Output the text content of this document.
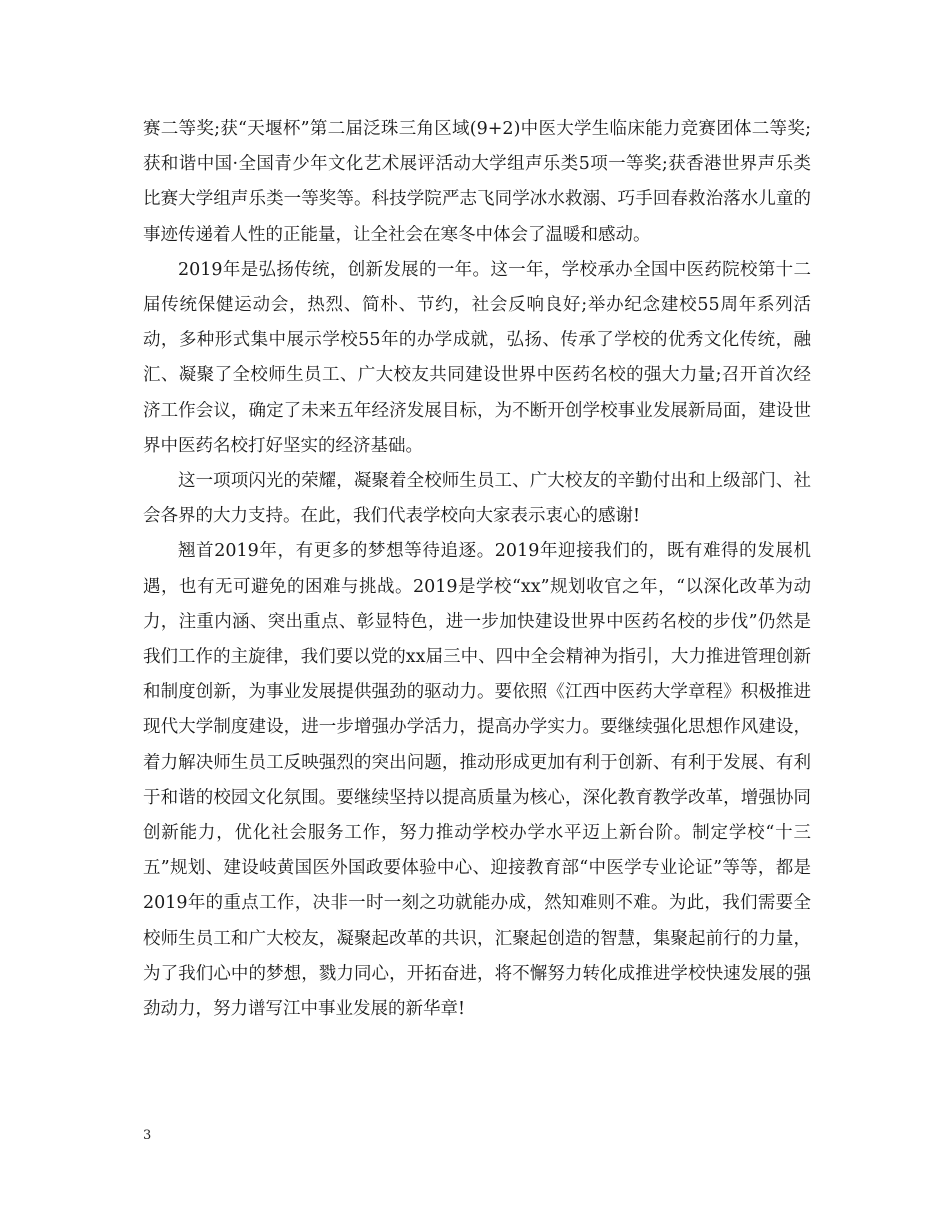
赛二等奖;获“天堰杯”第二届泛珠三角区域(9+2)中医大学生临床能力竞赛团体二等奖;获和谐中国·全国青少年文化艺术展评活动大学组声乐类5项一等奖;获香港世界声乐类比赛大学组声乐类一等奖等。科技学院严志飞同学冰水救溺、巧手回春救治落水儿童的事迹传递着人性的正能量，让全社会在寒冬中体会了温暖和感动。

2019年是弘扬传统，创新发展的一年。这一年，学校承办全国中医药院校第十二届传统保健运动会，热烈、简朴、节约，社会反响良好;举办纪念建校55周年系列活动，多种形式集中展示学校55年的办学成就，弘扬、传承了学校的优秀文化传统，融汇、凝聚了全校师生员工、广大校友共同建设世界中医药名校的强大力量;召开首次经济工作会议，确定了未来五年经济发展目标，为不断开创学校事业发展新局面，建设世界中医药名校打好坚实的经济基础。

这一项项闪光的荣耀，凝聚着全校师生员工、广大校友的辛勤付出和上级部门、社会各界的大力支持。在此，我们代表学校向大家表示衷心的感谢!

翘首2019年，有更多的梦想等待追逐。2019年迎接我们的，既有难得的发展机遇，也有无可避免的困难与挑战。2019是学校“xx”规划收官之年，“以深化改革为动力，注重内涵、突出重点、彰显特色，进一步加快建设世界中医药名校的步伐”仍然是我们工作的主旋律，我们要以党的xx届三中、四中全会精神为指引，大力推进管理创新和制度创新，为事业发展提供强劲的驱动力。要依照《江西中医药大学章程》积极推进现代大学制度建设，进一步增强办学活力，提高办学实力。要继续强化思想作风建设，着力解决师生员工反映强烈的突出问题，推动形成更加有利于创新、有利于发展、有利于和谐的校园文化氛围。要继续坚持以提高质量为核心，深化教育教学改革，增强协同创新能力，优化社会服务工作，努力推动学校办学水平迈上新台阶。制定学校“十三五”规划、建设岐黄国医外国政要体验中心、迎接教育部“中医学专业论证”等等，都是2019年的重点工作，决非一时一刻之功就能办成，然知难则不难。为此，我们需要全校师生员工和广大校友，凝聚起改革的共识，汇聚起创造的智慧，集聚起前行的力量，为了我们心中的梦想，戮力同心，开拓奋进，将不懈努力转化成推进学校快速发展的强劲动力，努力谱写江中事业发展的新华章!

3
